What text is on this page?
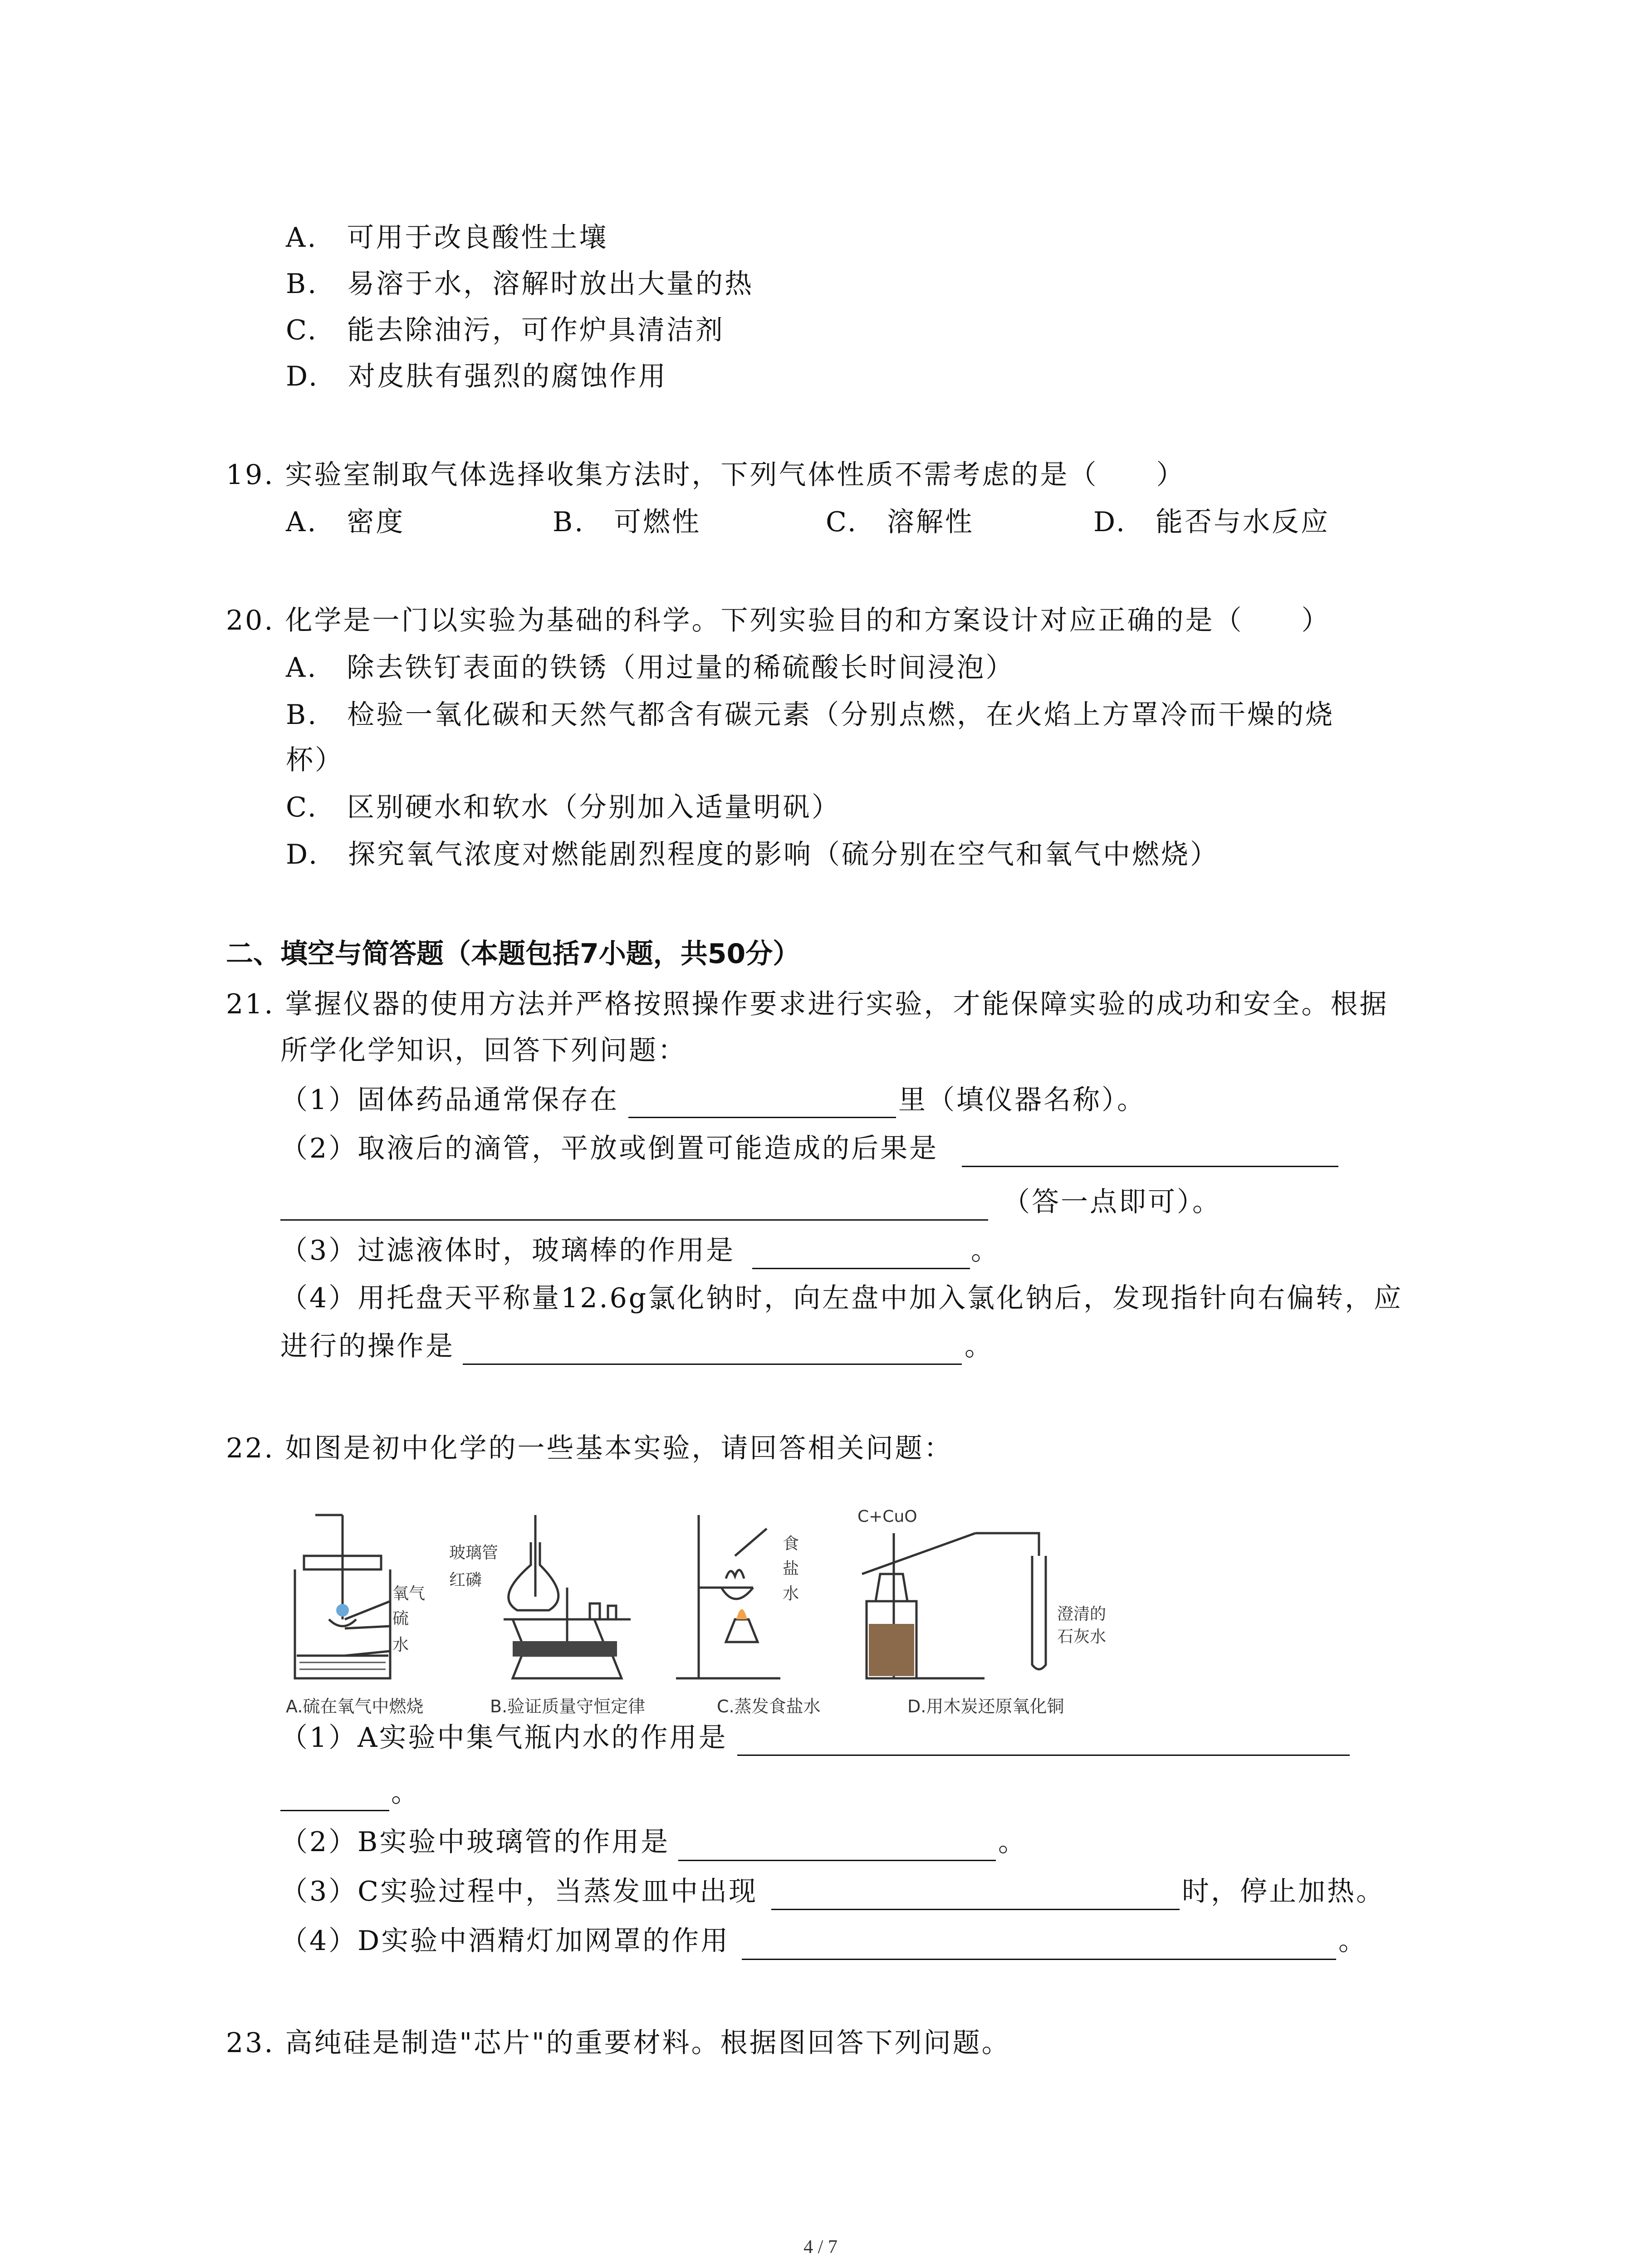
A.　可用于改良酸性土壤
B.　易溶于水，溶解时放出大量的热
C.　能去除油污，可作炉具清洁剂
D.　对皮肤有强烈的腐蚀作用
19. 实验室制取气体选择收集方法时，下列气体性质不需考虑的是（　　）
A.　密度	B.　可燃性	C.　溶解性	D.　能否与水反应
20. 化学是一门以实验为基础的科学。下列实验目的和方案设计对应正确的是（　　）
A.　除去铁钉表面的铁锈（用过量的稀硫酸长时间浸泡）
B.　检验一氧化碳和天然气都含有碳元素（分别点燃，在火焰上方罩冷而干燥的烧
杯）
C.　区别硬水和软水（分别加入适量明矾）
D.　探究氧气浓度对燃能剧烈程度的影响（硫分别在空气和氧气中燃烧）
二、填空与简答题（本题包括7小题，共50分）
21. 掌握仪器的使用方法并严格按照操作要求进行实验，才能保障实验的成功和安全。根据
所学化学知识，回答下列问题：
（1）固体药品通常保存在	里（填仪器名称）。
（2）取液后的滴管，平放或倒置可能造成的后果是
（答一点即可）。
（3）过滤液体时，玻璃棒的作用是	。
（4）用托盘天平称量12.6g氯化钠时，向左盘中加入氯化钠后，发现指针向右偏转，应
进行的操作是	。
22. 如图是初中化学的一些基本实验，请回答相关问题：
氧气
硫
水
玻璃管
红磷
食
盐
水
C+CuO
澄清的
石灰水
A.硫在氧气中燃烧	B.验证质量守恒定律	C.蒸发食盐水	D.用木炭还原氧化铜
（1）A实验中集气瓶内水的作用是
。
（2）B实验中玻璃管的作用是	。
（3）C实验过程中，当蒸发皿中出现	时，停止加热。
（4）D实验中酒精灯加网罩的作用	。
23. 高纯硅是制造"芯片"的重要材料。根据图回答下列问题。
4 / 7
